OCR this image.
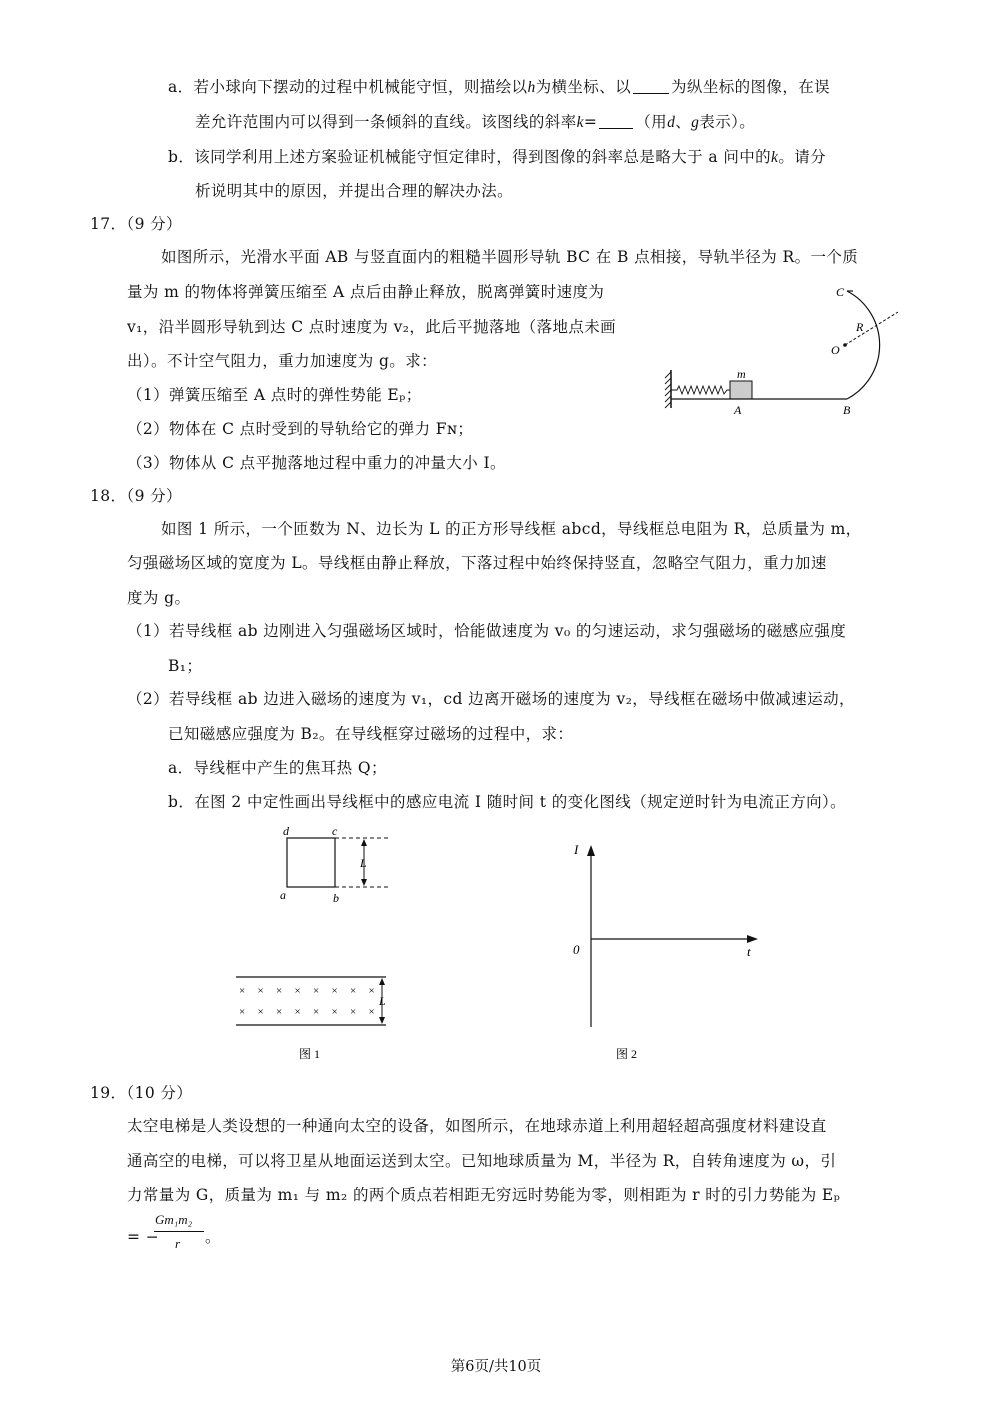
a．若小球向下摆动的过程中机械能守恒，则描绘以h为横坐标、以	为纵坐标的图像，在误
差允许范围内可以得到一条倾斜的直线。该图线的斜率k= （用d、g表示）。
b．该同学利用上述方案验证机械能守恒定律时，得到图像的斜率总是略大于 a 问中的k。请分
析说明其中的原因，并提出合理的解决办法。
17．（9 分）
如图所示，光滑水平面 AB 与竖直面内的粗糙半圆形导轨 BC 在 B 点相接，导轨半径为 R。一个质
量为 m 的物体将弹簧压缩至 A 点后由静止释放，脱离弹簧时速度为
v₁，沿半圆形导轨到达 C 点时速度为 v₂，此后平抛落地（落地点未画
出）。不计空气阻力，重力加速度为 g。求：
（1）弹簧压缩至 A 点时的弹性势能 Eₚ；
（2）物体在 C 点时受到的导轨给它的弹力 Fɴ；
（3）物体从 C 点平抛落地过程中重力的冲量大小 I。
m
A	B
C
R
O
18．（9 分）
如图 1 所示，一个匝数为 N、边长为 L 的正方形导线框 abcd，导线框总电阻为 R，总质量为 m，
匀强磁场区域的宽度为 L。导线框由静止释放，下落过程中始终保持竖直，忽略空气阻力，重力加速
度为 g。
（1）若导线框 ab 边刚进入匀强磁场区域时，恰能做速度为 v₀ 的匀速运动，求匀强磁场的磁感应强度
B₁；
（2）若导线框 ab 边进入磁场的速度为 v₁，cd 边离开磁场的速度为 v₂，导线框在磁场中做减速运动，
已知磁感应强度为 B₂。在导线框穿过磁场的过程中，求：
a．导线框中产生的焦耳热 Q；
b．在图 2 中定性画出导线框中的感应电流 I 随时间 t 的变化图线（规定逆时针为电流正方向）。
d	c
a	b
L
× × × × × × × ×
× × × × × × × ×
L
图 1
I
0	t
图 2
19．（10 分）
太空电梯是人类设想的一种通向太空的设备，如图所示，在地球赤道上利用超轻超高强度材料建设直
通高空的电梯，可以将卫星从地面运送到太空。已知地球质量为 M，半径为 R，自转角速度为 ω，引
力常量为 G，质量为 m₁ 与 m₂ 的两个质点若相距无穷远时势能为零，则相距为 r 时的引力势能为 Eₚ
= −
Gm₁m₂
r 。
第6页/共10页
